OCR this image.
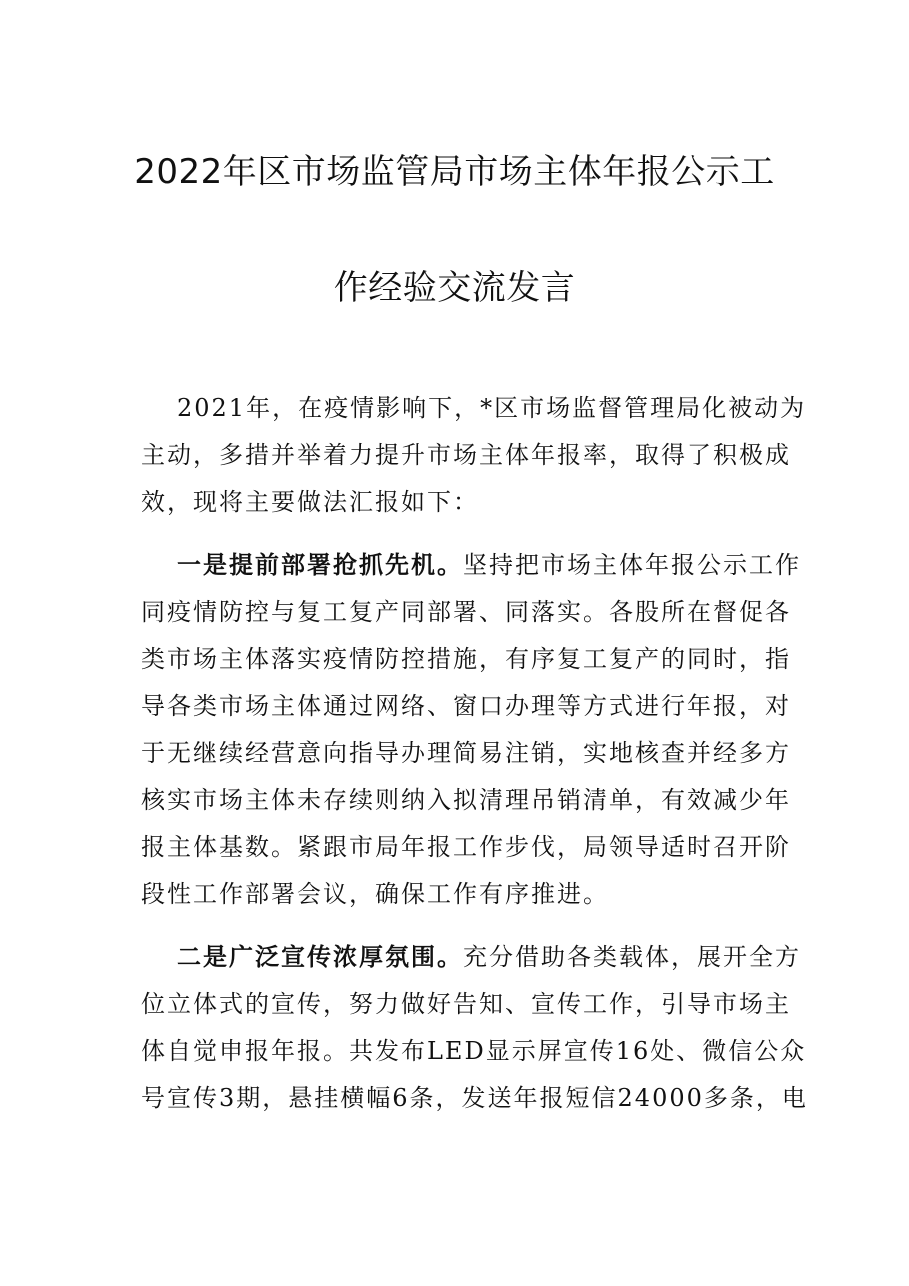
2022年区市场监管局市场主体年报公示工
作经验交流发言
2021年，在疫情影响下，*区市场监督管理局化被动为
主动，多措并举着力提升市场主体年报率，取得了积极成
效，现将主要做法汇报如下：
一是提前部署抢抓先机。坚持把市场主体年报公示工作
同疫情防控与复工复产同部署、同落实。各股所在督促各
类市场主体落实疫情防控措施，有序复工复产的同时，指
导各类市场主体通过网络、窗口办理等方式进行年报，对
于无继续经营意向指导办理简易注销，实地核查并经多方
核实市场主体未存续则纳入拟清理吊销清单，有效减少年
报主体基数。紧跟市局年报工作步伐，局领导适时召开阶
段性工作部署会议，确保工作有序推进。
二是广泛宣传浓厚氛围。充分借助各类载体，展开全方
位立体式的宣传，努力做好告知、宣传工作，引导市场主
体自觉申报年报。共发布LED显示屏宣传16处、微信公众
号宣传3期，悬挂横幅6条，发送年报短信24000多条，电
